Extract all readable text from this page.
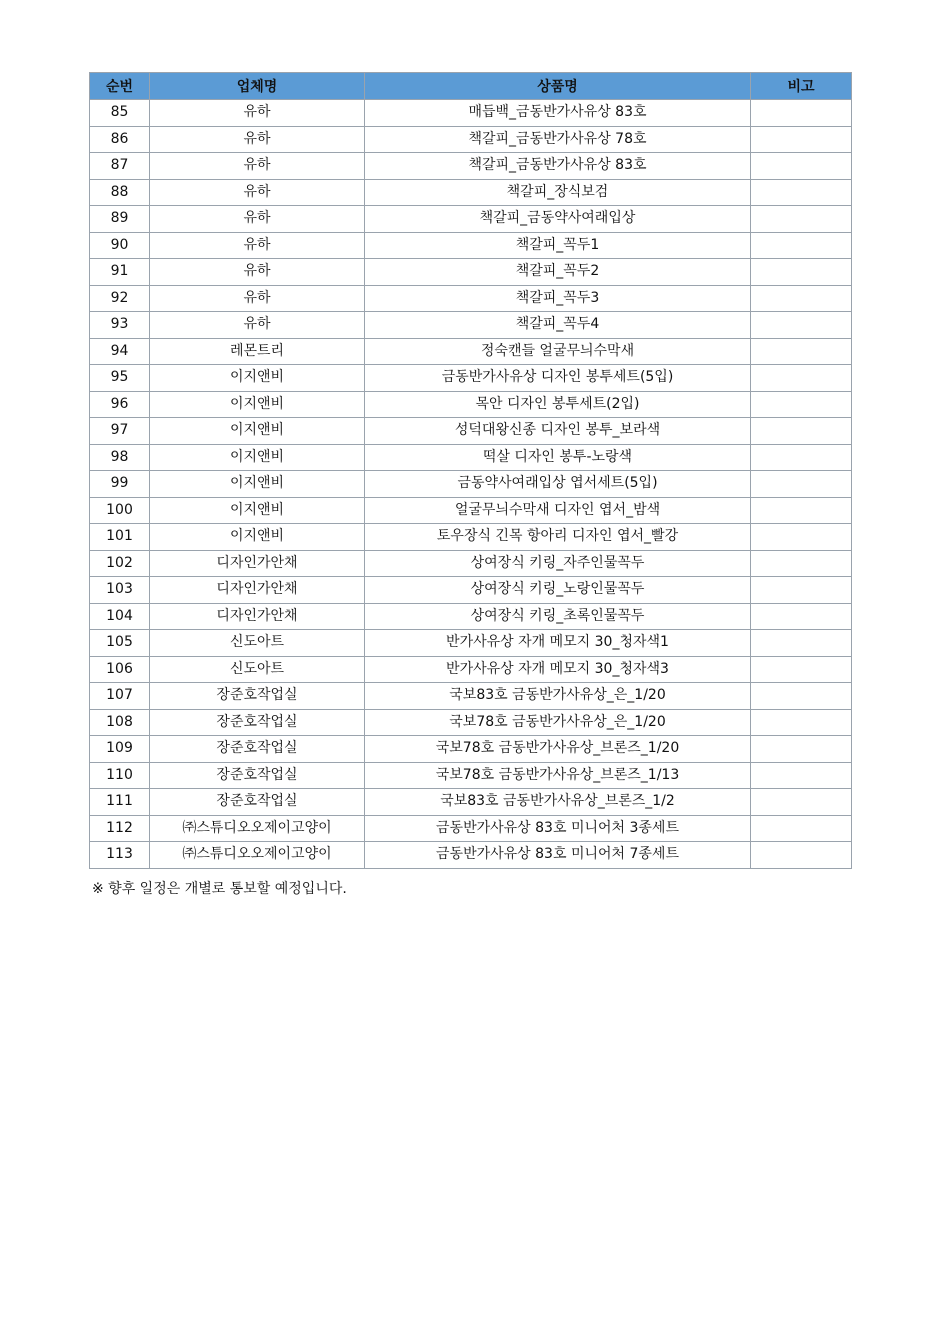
순번	업체명	상품명	비고
85	유하	매듭백_금동반가사유상 83호	
86	유하	책갈피_금동반가사유상 78호	
87	유하	책갈피_금동반가사유상 83호	
88	유하	책갈피_장식보검	
89	유하	책갈피_금동약사여래입상	
90	유하	책갈피_꼭두1	
91	유하	책갈피_꼭두2	
92	유하	책갈피_꼭두3	
93	유하	책갈피_꼭두4	
94	레몬트리	정숙캔들 얼굴무늬수막새	
95	이지앤비	금동반가사유상 디자인 봉투세트(5입)	
96	이지앤비	목안 디자인 봉투세트(2입)	
97	이지앤비	성덕대왕신종 디자인 봉투_보라색	
98	이지앤비	떡살 디자인 봉투-노랑색	
99	이지앤비	금동약사여래입상 엽서세트(5입)	
100	이지앤비	얼굴무늬수막새 디자인 엽서_밤색	
101	이지앤비	토우장식 긴목 항아리 디자인 엽서_빨강	
102	디자인가안채	상여장식 키링_자주인물꼭두	
103	디자인가안채	상여장식 키링_노랑인물꼭두	
104	디자인가안채	상여장식 키링_초록인물꼭두	
105	신도아트	반가사유상 자개 메모지 30_청자색1	
106	신도아트	반가사유상 자개 메모지 30_청자색3	
107	장준호작업실	국보83호 금동반가사유상_은_1/20	
108	장준호작업실	국보78호 금동반가사유상_은_1/20	
109	장준호작업실	국보78호 금동반가사유상_브론즈_1/20	
110	장준호작업실	국보78호 금동반가사유상_브론즈_1/13	
111	장준호작업실	국보83호 금동반가사유상_브론즈_1/2	
112	㈜스튜디오오제이고양이	금동반가사유상 83호 미니어처 3종세트	
113	㈜스튜디오오제이고양이	금동반가사유상 83호 미니어처 7종세트	
※ 향후 일정은 개별로 통보할 예정입니다.
